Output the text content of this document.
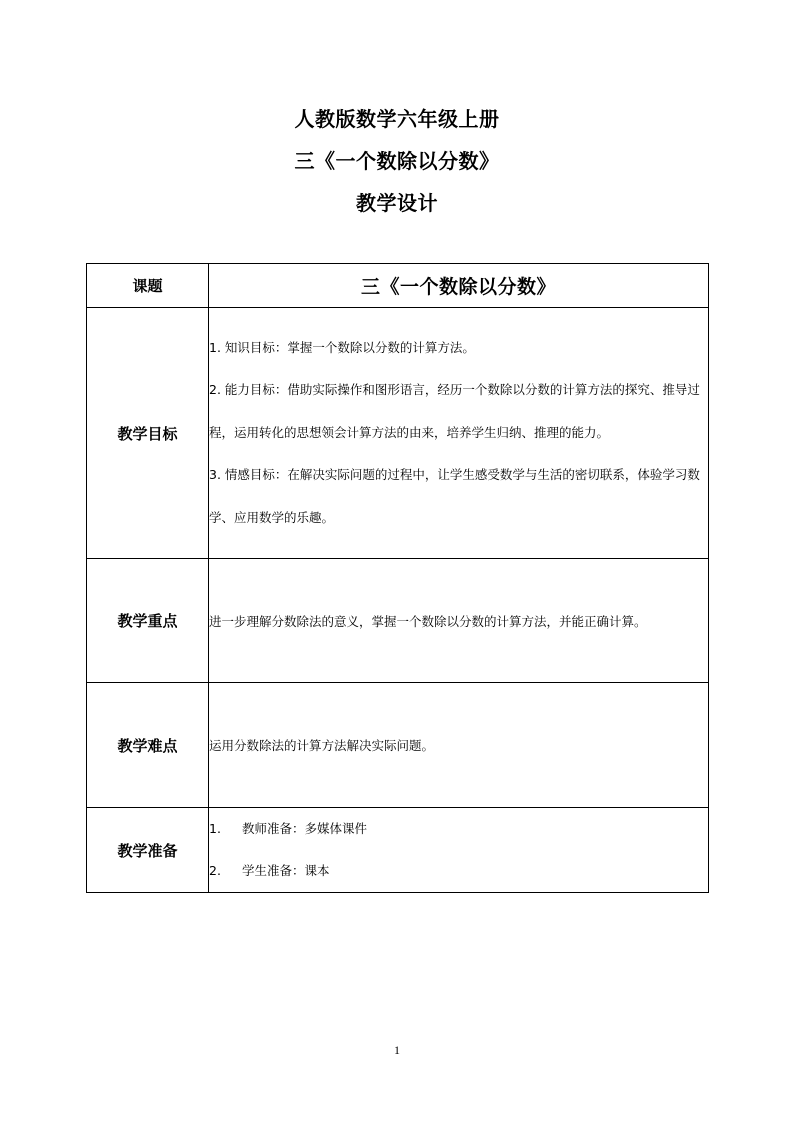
人教版数学六年级上册
三《一个数除以分数》
教学设计
课题	三《一个数除以分数》
教学目标	1. 知识目标：掌握一个数除以分数的计算方法。

2. 能力目标：借助实际操作和图形语言，经历一个数除以分数的计算方法的探究、推导过程，运用转化的思想领会计算方法的由来，培养学生归纳、推理的能力。

3. 情感目标：在解决实际问题的过程中，让学生感受数学与生活的密切联系，体验学习数学、应用数学的乐趣。

教学重点	进一步理解分数除法的意义，掌握一个数除以分数的计算方法，并能正确计算。
教学难点	运用分数除法的计算方法解决实际问题。
教学准备	1. 教师准备：多媒体课件
2. 学生准备：课本
1
